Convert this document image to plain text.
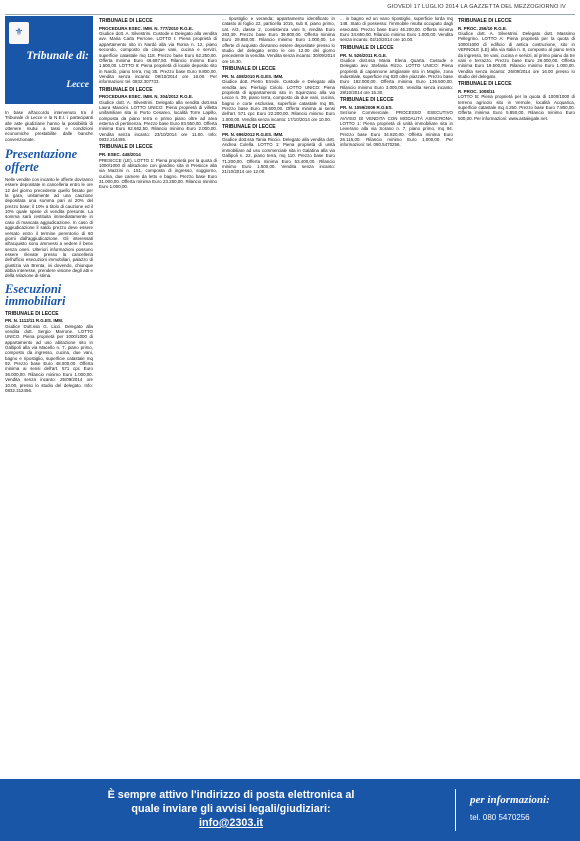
GIOVEDÌ 17 LUGLIO 2014 LA GAZZETTA DEL MEZZOGIORNO IV
⚜
Tribunale di:
Lecce
In base all'accordo intervenuto tra il Tribunale di Lecce e la N.E.I. i partecipanti alle aste giudiziarie hanno la possibilità di ottenere mutui a tassi e condizioni economiche prestabilite dalle banche convenzionate.
Presentazione offerte
Nelle vendite con incanto le offerte dovranno essere depositate in cancelleria entro le ore 12 del giorno precedente quello fissato per la gara, unitamente ad una cauzione depositata una somma pari al 20% del prezzo base; il 10% a titolo di cauzione ed il 10% quale spese di vendita presunte. La somma sarà restituita immediatamente in caso di mancata aggiudicazione. In caso di aggiudicazione il saldo prezzo deve essere versato entro il termine perentorio di 60 giorni dall'aggiudicazione. Gli interessati all'acquisto sono ammessi a vedere il bene senza oneri. Ulteriori informazioni possono essere rilevate presso la cancelleria dell'ufficio esecuzioni immobiliari, palazzo di giustizia via Brenta, ivi dovendo, chiunque abbia interesse, prendere visione degli atti e della relazione di stima.
Esecuzioni immobiliari
TRIBUNALE DI LECCE
PR. N. 1112/11 R.G.ES. IMM.
Giudice Dott.ssa G. Licci. Delegato alla vendita dott. Sergio Marrone. LOTTO UNICO. Piena proprietà per 1000/1000 di appartamento ad uso abitazione sito in Gallipoli alla via Macello n. 7, piano primo, composto da ingresso, cucina, due vani, bagno e ripostiglio, superficie catastale mq 92. Prezzo base Euro 48.000,00. Offerta minima ai sensi dell'art. 571 cpc Euro 36.000,00. Rilancio minimo Euro 1.000,00. Vendita senza incanto: 25/09/2014 ore 10.00, presso lo studio del delegato. Info: 0832.312456.
TRIBUNALE DI LECCE
PROCEDURA ESEC. IMM. N. 777/2010 R.G.E.
Giudice dott. A. Silvestrini. Custode e Delegato alla vendita avv. Maria Carla Perrone. LOTTO I: Piena proprietà di appartamento sito in Nardò alla via Roma n. 12, piano secondo, composto da cinque vani, cucina e servizi, superficie catastale mq 118. Prezzo base Euro 62.250,00. Offerta minima Euro 46.687,50. Rilancio minimo Euro 1.500,00. LOTTO II: Piena proprietà di locale deposito sito in Nardò, piano terra, mq 35. Prezzo base Euro 9.800,00. Vendita senza incanto: 09/10/2014 ore 16.00. Per informazioni: tel. 0832.307733.
TRIBUNALE DI LECCE
PROCEDURA ESEC. IMM. N. 304/2012 R.G.E.
Giudice dott. A. Silvestrini. Delegato alla vendita dott.ssa Laura Mancini. LOTTO UNICO: Piena proprietà di villetta unifamiliare sita in Porto Cesareo, località Torre Lapillo, composta da piano terra e primo piano oltre ad area esterna di pertinenza. Prezzo base Euro 83.550,00. Offerta minima Euro 62.662,50. Rilancio minimo Euro 2.000,00. Vendita senza incanto: 23/10/2014 ore 11.00. Info: 0832.214455.
TRIBUNALE DI LECCE
PR. ESEC. 448/2014
PRESICCE (LE). LOTTO 1: Piena proprietà per la quota di 1000/1000 di abitazione con giardino sita in Presicce alla via Mazzini n. 151, composta di ingresso, soggiorno, cucina, due camere da letto e bagno. Prezzo base Euro 31.000,00. Offerta minima Euro 23.250,00. Rilancio minimo Euro 1.000,00.
... ripostiglio e veranda; appartamento identificato in catasto al foglio 22, particella 1015, sub 8, piano primo, cat. A/3, classe 2, consistenza vani 5, rendita Euro 263,39. Prezzo base Euro 39.800,00. Offerta minima Euro 29.850,00. Rilancio minimo Euro 1.000,00. Le offerte di acquisto dovranno essere depositate presso lo studio del delegato entro le ore 12.00 del giorno precedente la vendita. Vendita senza incanto: 30/09/2014 ore 16.30.
TRIBUNALE DI LECCE
PR. N. 408/2010 R.G.ES. IMM.
Giudice dott. Pietro Errede. Custode e Delegato alla vendita avv. Pierluigi Ciriolo. LOTTO UNICO: Piena proprietà di appartamento sito in Squinzano alla via Lecce n. 39, piano terra, composto da due vani, cucina, bagno e corte esclusiva, superficie catastale mq 85. Prezzo base Euro 29.600,00. Offerta minima ai sensi dell'art. 571 cpc Euro 22.200,00. Rilancio minimo Euro 1.000,00. Vendita senza incanto: 17/10/2014 ore 10.00.
TRIBUNALE DI LECCE
PR. N. 696/2012 R.G.ES. IMM.
Giudice dott.ssa Tania Riccio. Delegato alla vendita dott. Andrea Colella. LOTTO 1: Piena proprietà di unità immobiliare ad uso commerciale sita in Galatina alla via Gallipoli n. 22, piano terra, mq 110. Prezzo base Euro 71.200,00. Offerta minima Euro 53.400,00. Rilancio minimo Euro 1.500,00. Vendita senza incanto: 21/10/2014 ore 12.00.
... in bagno ed un vano ripostiglio, superficie lorda mq 148. Stato di possesso: l'immobile risulta occupato dagli esecutati. Prezzo base Euro 46.200,00. Offerta minima Euro 34.650,00. Rilancio minimo Euro 1.000,00. Vendita senza incanto: 02/10/2014 ore 10.00.
TRIBUNALE DI LECCE
PR. N. 526/2011 R.G.E.
Giudice dott.ssa Maria Elena Quarta. Custode e Delegato avv. Stefania Rizzo. LOTTO UNICO: Piena proprietà di capannone artigianale sito in Maglie, zona industriale, superficie mq 620 oltre piazzale. Prezzo base Euro 182.000,00. Offerta minima Euro 136.500,00. Rilancio minimo Euro 3.000,00. Vendita senza incanto: 28/10/2014 ore 15.30.
TRIBUNALE DI LECCE
PR. N. 1059/2009 R.G.ES.
Sezione Commerciale. PROCESSO ESECUTIVO AVVISO DI VENDITA CON MODALITÀ ASINCRONA. LOTTO 1: Piena proprietà di unità immobiliare sita in Leverano alla via Sorano n. 7, piano primo, mq 94. Prezzo base Euro 34.820,00. Offerta minima Euro 26.115,00. Rilancio minimo Euro 1.000,00. Per informazioni: tel. 080.5470256.
TRIBUNALE DI LECCE
R. PROC. 256/10 R.G.E.
Giudice dott. A. Silvestrini. Delegato dott. Massimo Pellegrino. LOTTO A: Piena proprietà per la quota di 1000/1000 di edificio di antica costruzione, sito in VERNOLE (LE) alla via Italia n. 8, composto al piano terra da ingresso, tre vani, cucina e servizi, al primo piano da tre vani e terrazzo. Prezzo base Euro 26.000,00. Offerta minima Euro 19.500,00. Rilancio minimo Euro 1.000,00. Vendita senza incanto: 26/09/2014 ore 16.00 presso lo studio del delegato.
TRIBUNALE DI LECCE
R. PROC. 1008/11
LOTTO B: Piena proprietà per la quota di 1000/1000 di terreno agricolo sito in Vernole, località Acquarica, superficie catastale mq 4.250. Prezzo base Euro 7.800,00. Offerta minima Euro 5.850,00. Rilancio minimo Euro 500,00. Per informazioni: www.astalegale.net.
È sempre attivo l'indirizzo di posta elettronica al
quale inviare gli avvisi legali/giudiziari:
info@2303.it
per informazioni:
tel. 080 5470256
